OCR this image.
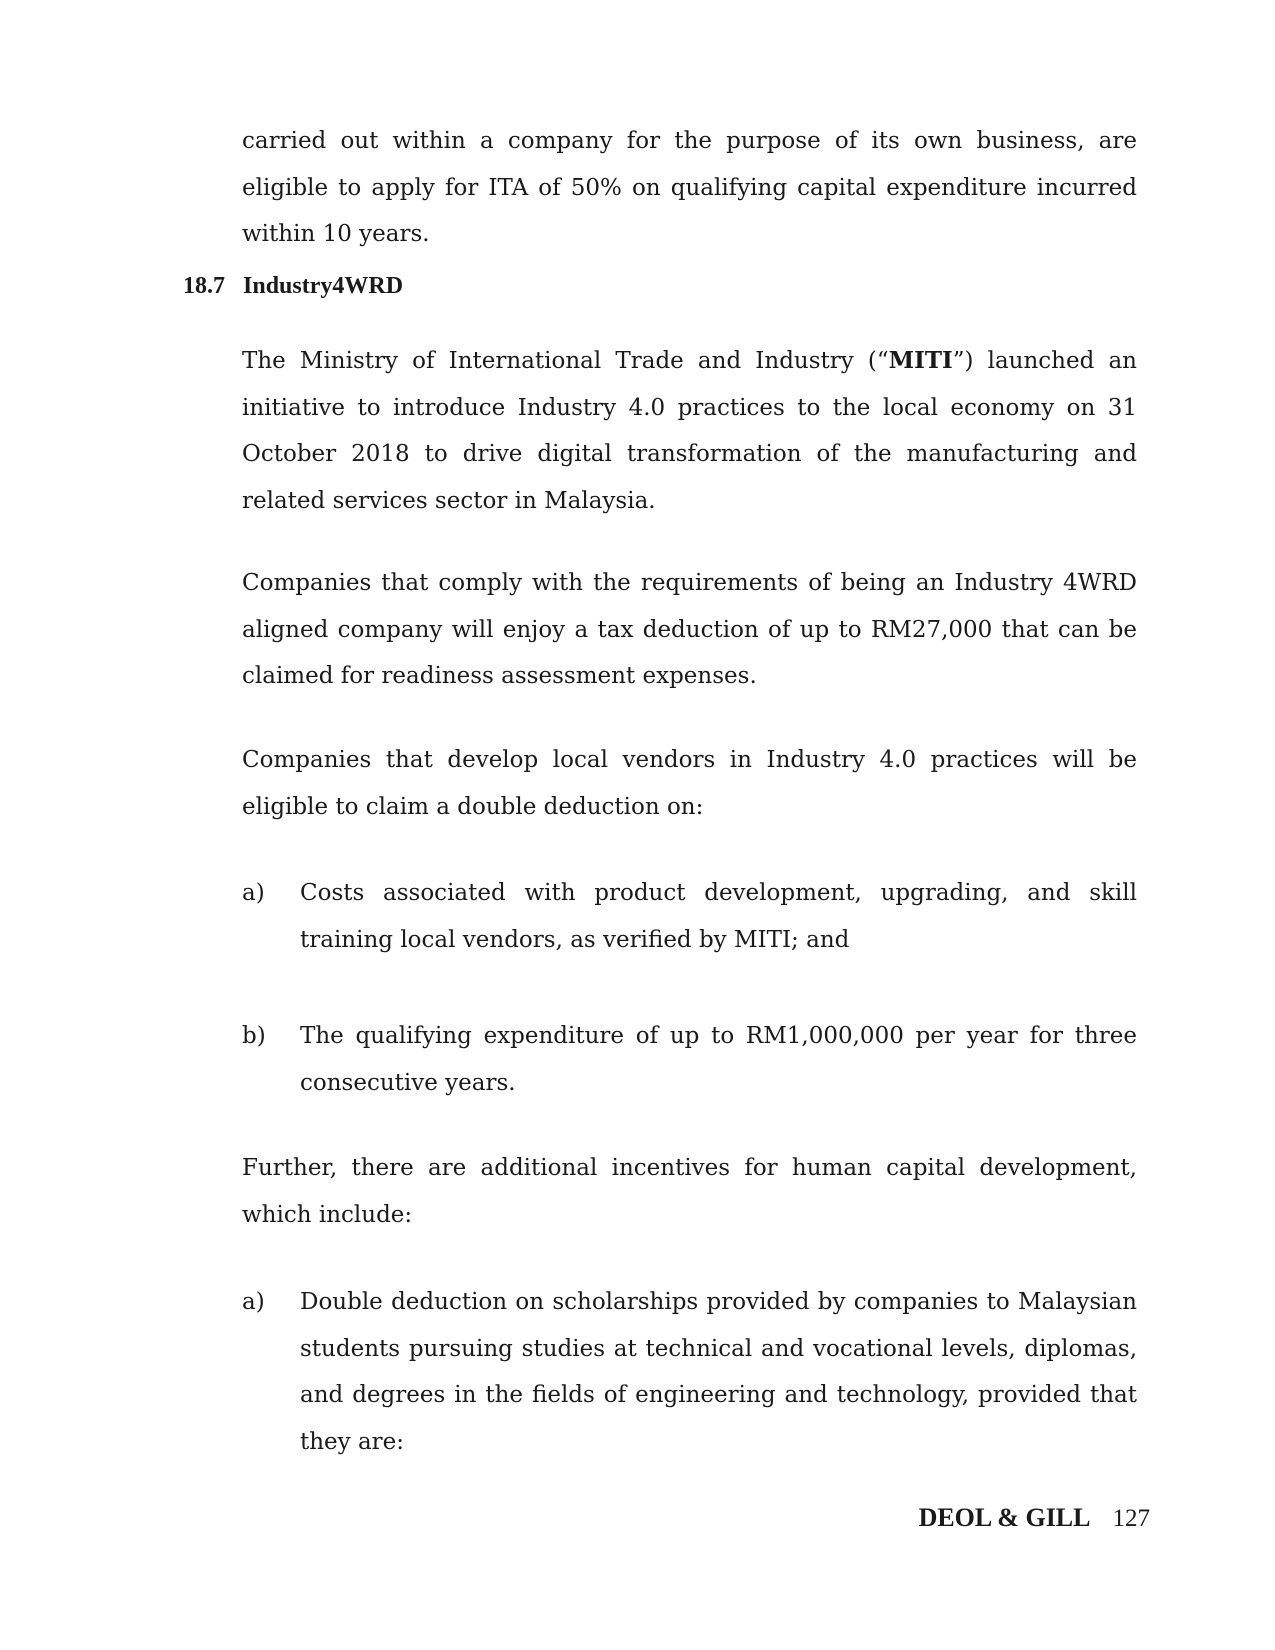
carried out within a company for the purpose of its own business, are eligible to apply for ITA of 50% on qualifying capital expenditure incurred within 10 years.

18.7 Industry4WRD

The Ministry of International Trade and Industry (“MITI”) launched an initiative to introduce Industry 4.0 practices to the local economy on 31 October 2018 to drive digital transformation of the manufacturing and related services sector in Malaysia.

Companies that comply with the requirements of being an Industry 4WRD aligned company will enjoy a tax deduction of up to RM27,000 that can be claimed for readiness assessment expenses.

Companies that develop local vendors in Industry 4.0 practices will be eligible to claim a double deduction on:

a)	Costs associated with product development, upgrading, and skill training local vendors, as verified by MITI; and
b)	The qualifying expenditure of up to RM1,000,000 per year for three consecutive years.

Further, there are additional incentives for human capital development, which include:

a)	Double deduction on scholarships provided by companies to Malaysian students pursuing studies at technical and vocational levels, diplomas, and degrees in the fields of engineering and technology, provided that they are:
DEOL & GILL 127
